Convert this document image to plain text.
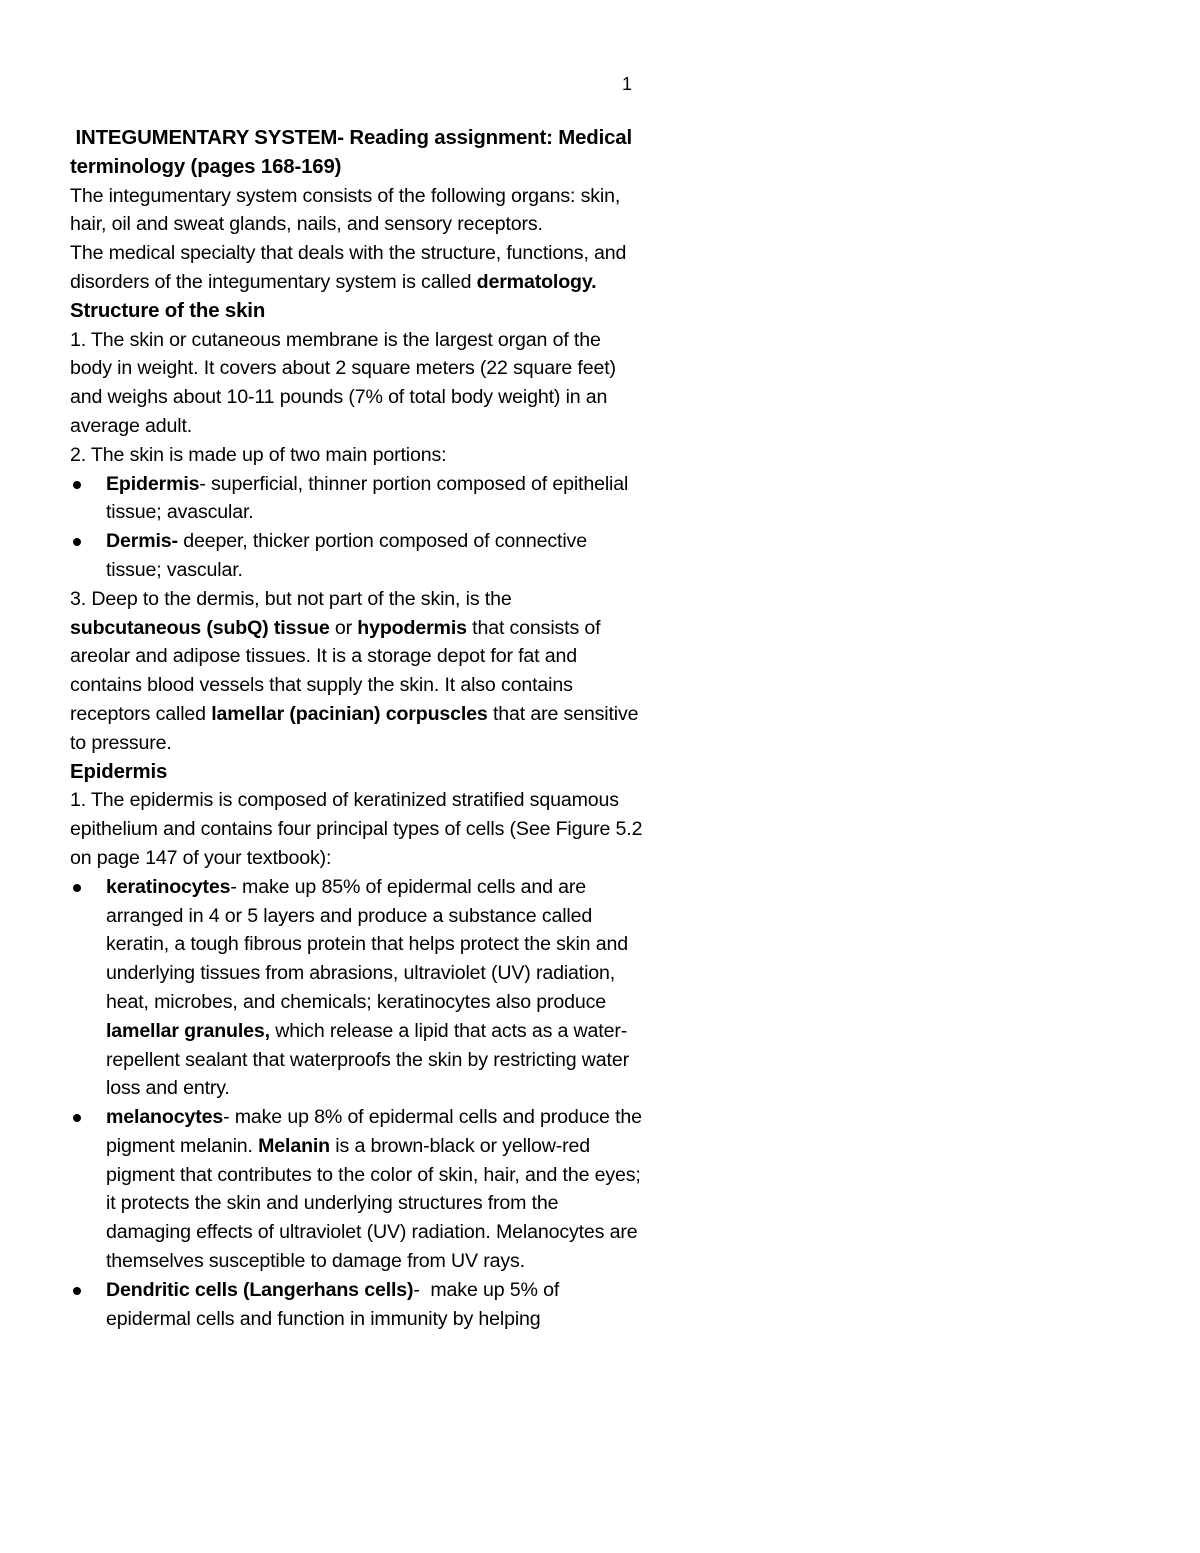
1

INTEGUMENTARY SYSTEM- Reading assignment: Medical terminology (pages 168-169)

The integumentary system consists of the following organs: skin, hair, oil and sweat glands, nails, and sensory receptors.

The medical specialty that deals with the structure, functions, and disorders of the integumentary system is called dermatology.

Structure of the skin

1. The skin or cutaneous membrane is the largest organ of the body in weight. It covers about 2 square meters (22 square feet) and weighs about 10-11 pounds (7% of total body weight) in an average adult.

2. The skin is made up of two main portions:

Epidermis- superficial, thinner portion composed of epithelial tissue; avascular.
Dermis- deeper, thicker portion composed of connective tissue; vascular.

3. Deep to the dermis, but not part of the skin, is the subcutaneous (subQ) tissue or hypodermis that consists of areolar and adipose tissues. It is a storage depot for fat and contains blood vessels that supply the skin. It also contains receptors called lamellar (pacinian) corpuscles that are sensitive to pressure.

Epidermis

1. The epidermis is composed of keratinized stratified squamous epithelium and contains four principal types of cells (See Figure 5.2 on page 147 of your textbook):

keratinocytes- make up 85% of epidermal cells and are arranged in 4 or 5 layers and produce a substance called keratin, a tough fibrous protein that helps protect the skin and underlying tissues from abrasions, ultraviolet (UV) radiation, heat, microbes, and chemicals; keratinocytes also produce lamellar granules, which release a lipid that acts as a water-repellent sealant that waterproofs the skin by restricting water loss and entry.
melanocytes- make up 8% of epidermal cells and produce the pigment melanin. Melanin is a brown-black or yellow-red pigment that contributes to the color of skin, hair, and the eyes; it protects the skin and underlying structures from the damaging effects of ultraviolet (UV) radiation. Melanocytes are themselves susceptible to damage from UV rays.
Dendritic cells (Langerhans cells)-  make up 5% of epidermal cells and function in immunity by helping
